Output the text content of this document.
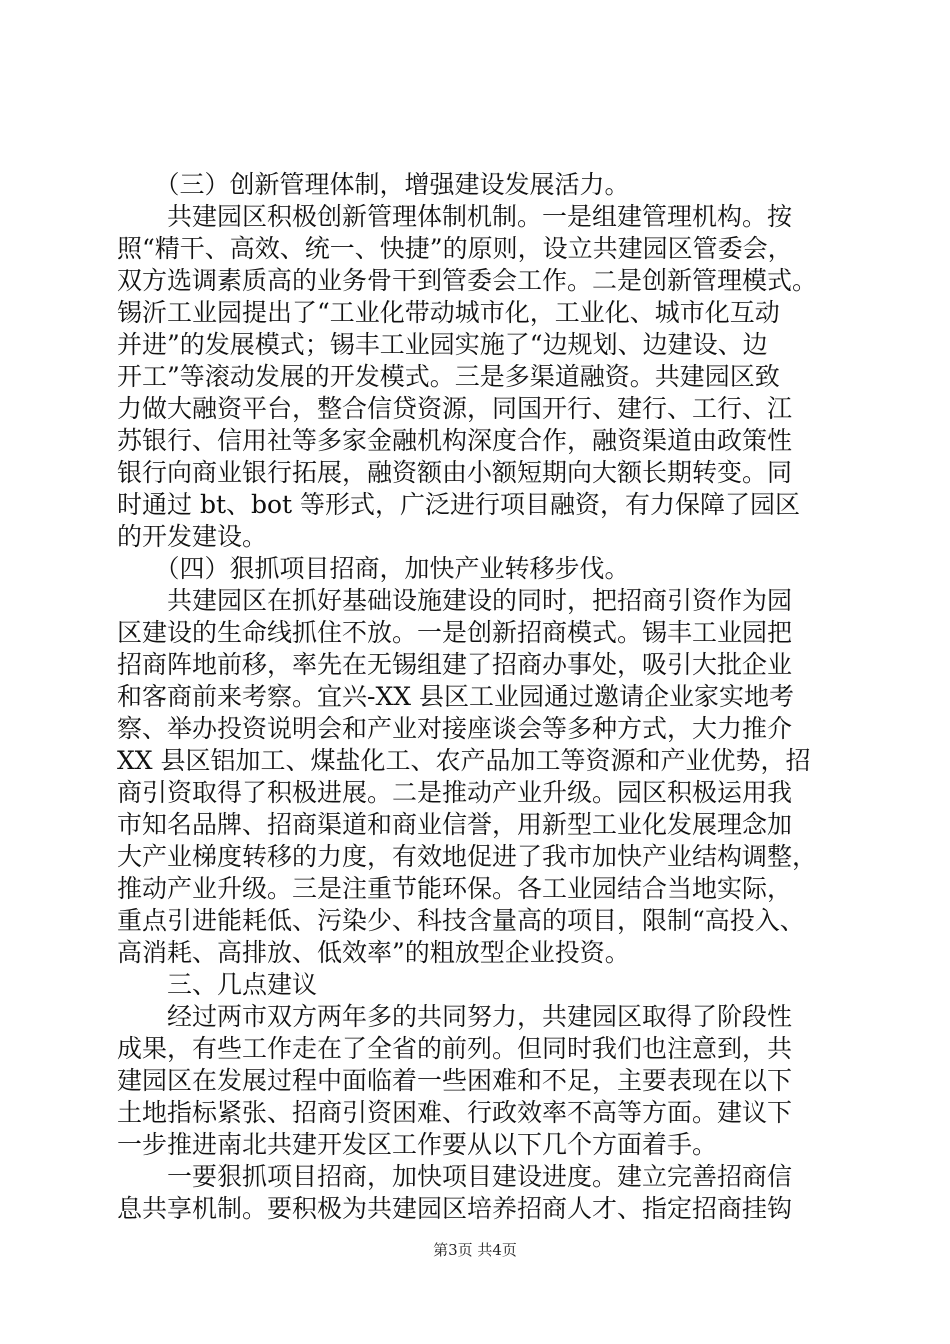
　　（三）创新管理体制，增强建设发展活力。
　　共建园区积极创新管理体制机制。一是组建管理机构。按
照“精干、高效、统一、快捷”的原则，设立共建园区管委会，
双方选调素质高的业务骨干到管委会工作。二是创新管理模式。
锡沂工业园提出了“工业化带动城市化，工业化、城市化互动
并进”的发展模式；锡丰工业园实施了“边规划、边建设、边
开工”等滚动发展的开发模式。三是多渠道融资。共建园区致
力做大融资平台，整合信贷资源，同国开行、建行、工行、江
苏银行、信用社等多家金融机构深度合作，融资渠道由政策性
银行向商业银行拓展，融资额由小额短期向大额长期转变。同
时通过 bt、bot 等形式，广泛进行项目融资，有力保障了园区
的开发建设。
　　（四）狠抓项目招商，加快产业转移步伐。
　　共建园区在抓好基础设施建设的同时，把招商引资作为园
区建设的生命线抓住不放。一是创新招商模式。锡丰工业园把
招商阵地前移，率先在无锡组建了招商办事处，吸引大批企业
和客商前来考察。宜兴-XX 县区工业园通过邀请企业家实地考
察、举办投资说明会和产业对接座谈会等多种方式，大力推介
XX 县区铝加工、煤盐化工、农产品加工等资源和产业优势，招
商引资取得了积极进展。二是推动产业升级。园区积极运用我
市知名品牌、招商渠道和商业信誉，用新型工业化发展理念加
大产业梯度转移的力度，有效地促进了我市加快产业结构调整，
推动产业升级。三是注重节能环保。各工业园结合当地实际，
重点引进能耗低、污染少、科技含量高的项目，限制“高投入、
高消耗、高排放、低效率”的粗放型企业投资。
　　三、几点建议
　　经过两市双方两年多的共同努力，共建园区取得了阶段性
成果，有些工作走在了全省的前列。但同时我们也注意到，共
建园区在发展过程中面临着一些困难和不足，主要表现在以下
土地指标紧张、招商引资困难、行政效率不高等方面。建议下
一步推进南北共建开发区工作要从以下几个方面着手。
　　一要狠抓项目招商，加快项目建设进度。建立完善招商信
息共享机制。要积极为共建园区培养招商人才、指定招商挂钩
第3页 共4页
